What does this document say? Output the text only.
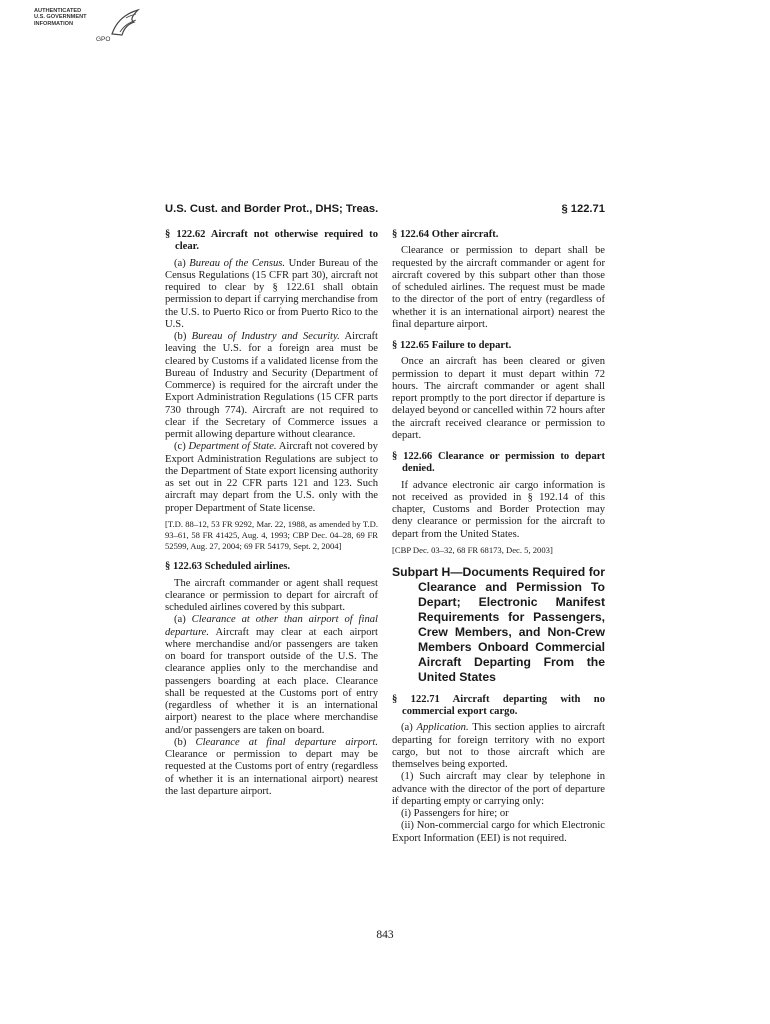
AUTHENTICATED
U.S. GOVERNMENT
INFORMATION
GPO
U.S. Cust. and Border Prot., DHS; Treas.	§ 122.71

§ 122.62 Aircraft not otherwise required to clear.

(a) Bureau of the Census. Under Bureau of the Census Regulations (15 CFR part 30), aircraft not required to clear by § 122.61 shall obtain permission to depart if carrying merchandise from the U.S. to Puerto Rico or from Puerto Rico to the U.S.

(b) Bureau of Industry and Security. Aircraft leaving the U.S. for a foreign area must be cleared by Customs if a validated license from the Bureau of Industry and Security (Department of Commerce) is required for the aircraft under the Export Administration Regulations (15 CFR parts 730 through 774). Aircraft are not required to clear if the Secretary of Commerce issues a permit allowing departure without clearance.

(c) Department of State. Aircraft not covered by Export Administration Regulations are subject to the Department of State export licensing authority as set out in 22 CFR parts 121 and 123. Such aircraft may depart from the U.S. only with the proper Department of State license.

[T.D. 88–12, 53 FR 9292, Mar. 22, 1988, as amended by T.D. 93–61, 58 FR 41425, Aug. 4, 1993; CBP Dec. 04–28, 69 FR 52599, Aug. 27, 2004; 69 FR 54179, Sept. 2, 2004]

§ 122.63 Scheduled airlines.

The aircraft commander or agent shall request clearance or permission to depart for aircraft of scheduled airlines covered by this subpart.

(a) Clearance at other than airport of final departure. Aircraft may clear at each airport where merchandise and/or passengers are taken on board for transport outside of the U.S. The clearance applies only to the merchandise and passengers boarding at each place. Clearance shall be requested at the Customs port of entry (regardless of whether it is an international airport) nearest to the place where merchandise and/or passengers are taken on board.

(b) Clearance at final departure airport. Clearance or permission to depart may be requested at the Customs port of entry (regardless of whether it is an international airport) nearest the last departure airport.

§ 122.64 Other aircraft.

Clearance or permission to depart shall be requested by the aircraft commander or agent for aircraft covered by this subpart other than those of scheduled airlines. The request must be made to the director of the port of entry (regardless of whether it is an international airport) nearest the final departure airport.

§ 122.65 Failure to depart.

Once an aircraft has been cleared or given permission to depart it must depart within 72 hours. The aircraft commander or agent shall report promptly to the port director if departure is delayed beyond or cancelled within 72 hours after the aircraft received clearance or permission to depart.

§ 122.66 Clearance or permission to depart denied.

If advance electronic air cargo information is not received as provided in § 192.14 of this chapter, Customs and Border Protection may deny clearance or permission for the aircraft to depart from the United States.

[CBP Dec. 03–32, 68 FR 68173, Dec. 5, 2003]

Subpart H—Documents Required for Clearance and Permission To Depart; Electronic Manifest Requirements for Passengers, Crew Members, and Non-Crew Members Onboard Commercial Aircraft Departing From the United States

§ 122.71 Aircraft departing with no commercial export cargo.

(a) Application. This section applies to aircraft departing for foreign territory with no export cargo, but not to those aircraft which are themselves being exported.

(1) Such aircraft may clear by telephone in advance with the director of the port of departure if departing empty or carrying only:

(i) Passengers for hire; or

(ii) Non-commercial cargo for which Electronic Export Information (EEI) is not required.

843
